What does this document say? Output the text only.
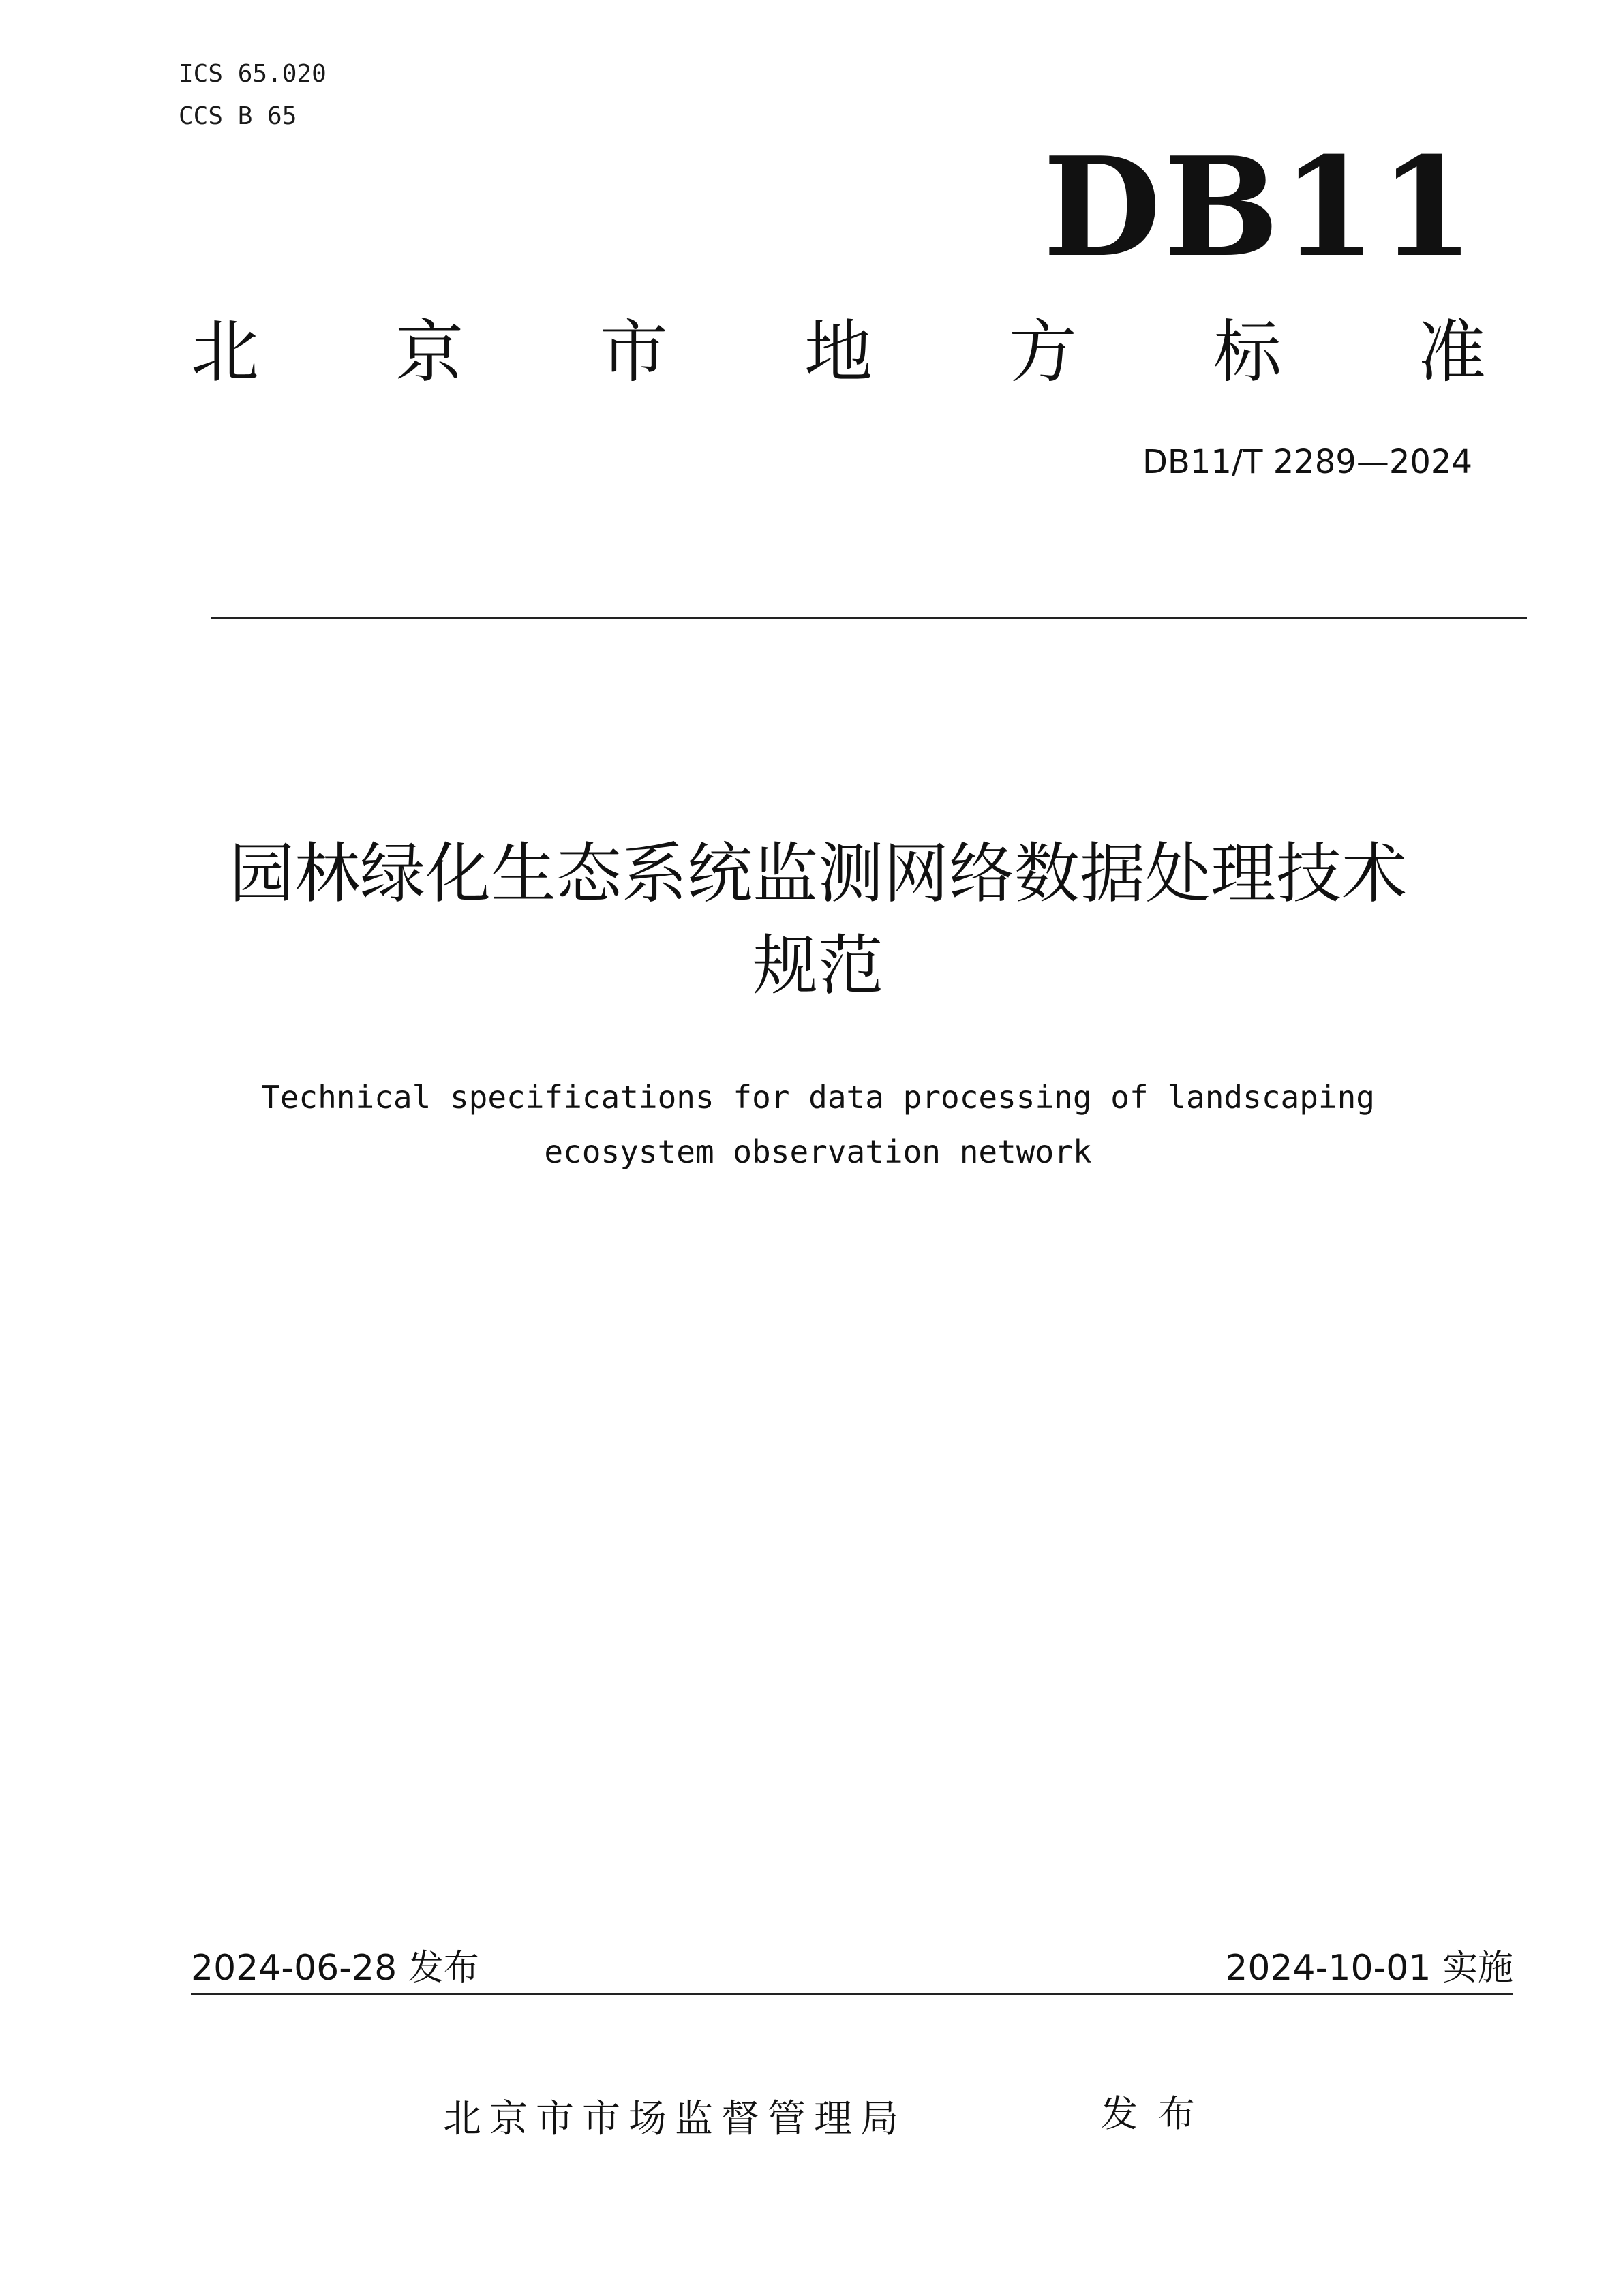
ICS 65.020
CCS B 65
DB11
北 京 市 地 方 标 准
DB11/T 2289—2024
园林绿化生态系统监测网络数据处理技术
规范
Technical specifications for data processing of landscaping
ecosystem observation network
2024-06-28 发布	2024-10-01 实施
北京市市场监督管理局	发布
